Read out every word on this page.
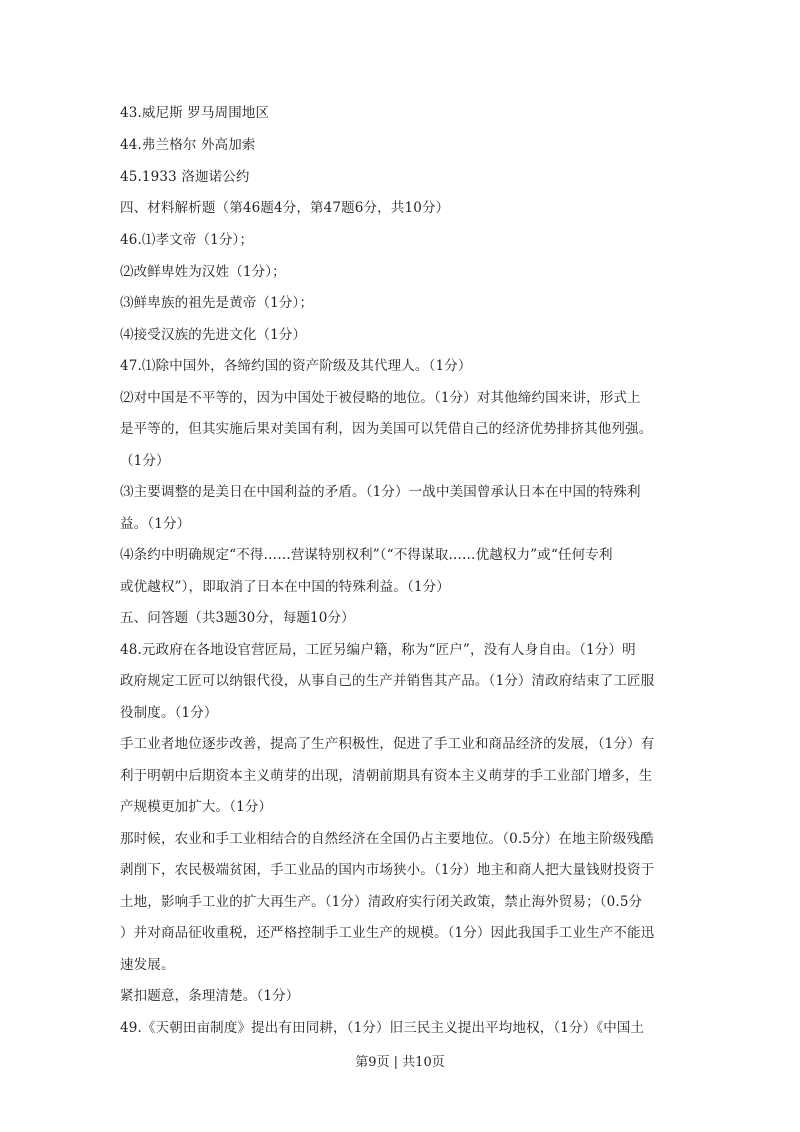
43.威尼斯 罗马周围地区
44.弗兰格尔 外高加索
45.1933 洛迦诺公约
四、材料解析题（第46题4分，第47题6分，共10分）
46.⑴孝文帝（1分）；
⑵改鲜卑姓为汉姓（1分）；
⑶鲜卑族的祖先是黄帝（1分）；
⑷接受汉族的先进文化（1分）
47.⑴除中国外，各缔约国的资产阶级及其代理人。（1分）
⑵对中国是不平等的，因为中国处于被侵略的地位。（1分）对其他缔约国来讲，形式上
是平等的，但其实施后果对美国有利，因为美国可以凭借自己的经济优势排挤其他列强。
（1分）
⑶主要调整的是美日在中国利益的矛盾。（1分）一战中美国曾承认日本在中国的特殊利
益。（1分）
⑷条约中明确规定“不得……营谋特别权利”（“不得谋取……优越权力”或“任何专利
或优越权”），即取消了日本在中国的特殊利益。（1分）
五、问答题（共3题30分，每题10分）
48.元政府在各地设官营匠局，工匠另编户籍，称为“匠户”，没有人身自由。（1分）明
政府规定工匠可以纳银代役，从事自己的生产并销售其产品。（1分）清政府结束了工匠服
役制度。（1分）
手工业者地位逐步改善，提高了生产积极性，促进了手工业和商品经济的发展，（1分）有
利于明朝中后期资本主义萌芽的出现，清朝前期具有资本主义萌芽的手工业部门增多，生
产规模更加扩大。（1分）
那时候，农业和手工业相结合的自然经济在全国仍占主要地位。（0.5分）在地主阶级残酷
剥削下，农民极端贫困，手工业品的国内市场狭小。（1分）地主和商人把大量钱财投资于
土地，影响手工业的扩大再生产。（1分）清政府实行闭关政策，禁止海外贸易；（0.5分
）并对商品征收重税，还严格控制手工业生产的规模。（1分）因此我国手工业生产不能迅
速发展。
紧扣题意，条理清楚。（1分）
49.《天朝田亩制度》提出有田同耕，（1分）旧三民主义提出平均地权，（1分）《中国土
第9页 | 共10页
